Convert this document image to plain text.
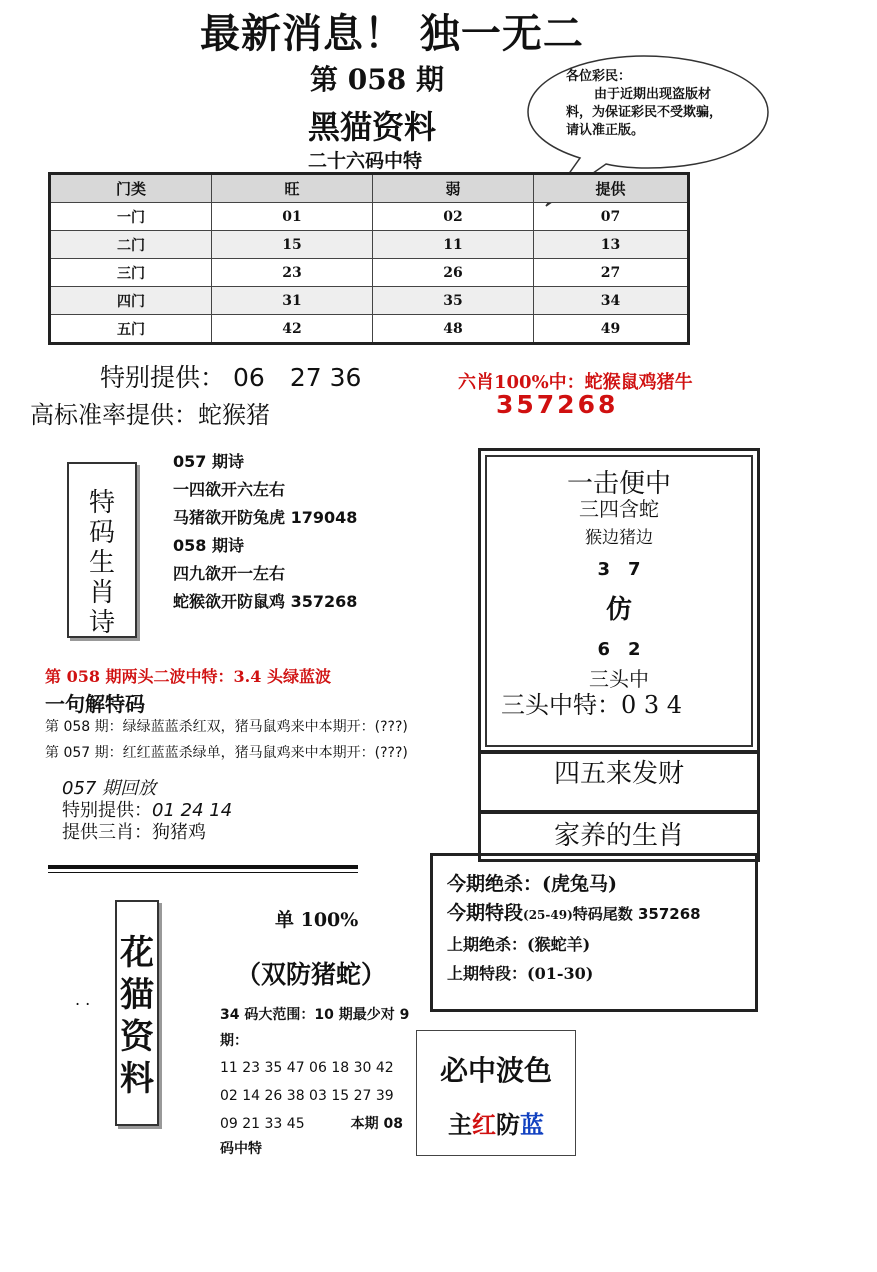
最新消息！ 独一无二
第 058 期
黑猫资料
二十六码中特
各位彩民：
由于近期出现盗版材料，为保证彩民不受欺骗，请认准正版。
门类	旺	弱	提供
一门	01	02	07
二门	15	11	13
三门	23	26	27
四门	31	35	34
五门	42	48	49
特别提供： 06　27 36	六肖100%中：蛇猴鼠鸡猪牛
357268
高标准率提供：蛇猴猪
特码生肖诗
057 期诗
一四欲开六左右
马猪欲开防兔虎 179048
058 期诗
四九欲开一左右
蛇猴欲开防鼠鸡 357268
一击便中
三四含蛇
猴边猪边
3　7
仿
6　2
三头中
三头中特：0 3 4
第 058 期两头二波中特：3.4 头绿蓝波
一句解特码
第 058 期：绿绿蓝蓝杀红双，猪马鼠鸡来中本期开：(???)
第 057 期：红红蓝蓝杀绿单，猪马鼠鸡来中本期开：(???)
四五来发财
家养的生肖
057 期回放
特别提供：01 24 14
提供三肖：狗猪鸡
今期绝杀：(虎兔马)
今期特段(25-49)特码尾数 357268
上期绝杀：(猴蛇羊)
上期特段：(01-30)
花猫资料
单 100%
（双防猪蛇）
. .
34 码大范围：10 期最少对 9 期：
11 23 35 47 06 18 30 42
02 14 26 38 03 15 27 39
09 21 33 45	本期 08
码中特
必中波色
主红防蓝
